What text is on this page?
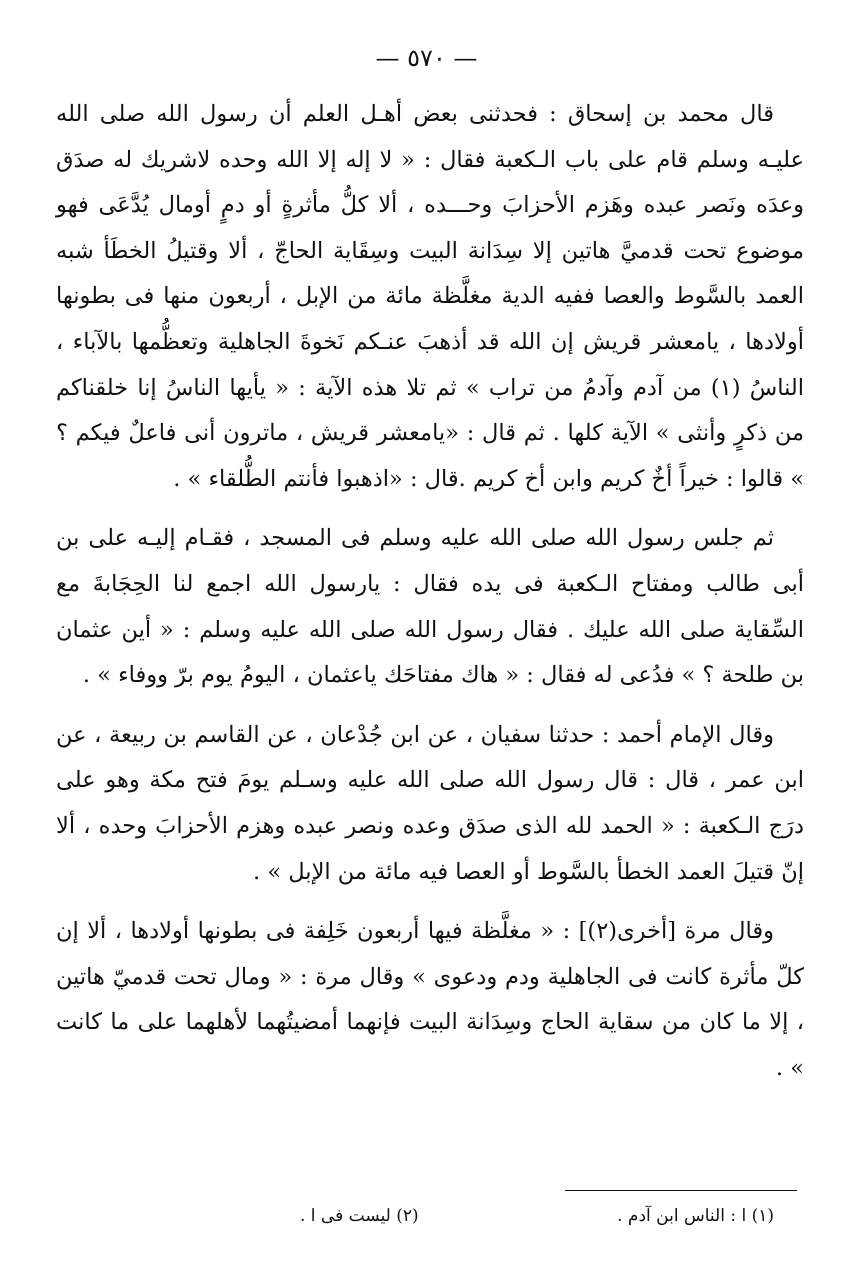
— ٥٧٠ —

قال محمد بن إسحاق : فحدثنى بعض أهـل العلم أن رسول الله صلى الله عليـه وسلم قام على باب الـكعبة فقال : « لا إله إلا الله وحده لاشريك له صدَق وعدَه ونَصر عبده وهَزم الأحزابَ وحـــده ، ألا كلُّ مأثرةٍ أو دمٍ أومال يُدَّعَى فهو موضوع تحت قدميَّ هاتين إلا سِدَانة البيت وسِقَاية الحاجّ ، ألا وقتيلُ الخطَأ شبه العمد بالسَّوط والعصا ففيه الدية مغلَّظة مائة من الإبل ، أربعون منها فى بطونها أولادها ، يامعشر قريش إن الله قد أذهبَ عنـكم نَخوةَ الجاهلية وتعظُّمها بالآباء ، الناسُ (١) من آدم وآدمُ من تراب » ثم تلا هذه الآية : « يأيها الناسُ إنا خلقناكم من ذكرٍ وأنثى » الآية كلها . ثم قال : «يامعشر قريش ، ماترون أنى فاعلٌ فيكم ؟ » قالوا : خيراً أخٌ كريم وابن أخ كريم .قال : «اذهبوا فأنتم الطُّلقاء » .

ثم جلس رسول الله صلى الله عليه وسلم فى المسجد ، فقـام إليـه على بن أبى طالب ومفتاح الـكعبة فى يده فقال : يارسول الله اجمع لنا الحِجَابةَ مع السِّقاية صلى الله عليك . فقال رسول الله صلى الله عليه وسلم : « أين عثمان بن طلحة ؟ » فدُعى له فقال : « هاك مفتاحَك ياعثمان ، اليومُ يوم برّ ووفاء » .

وقال الإمام أحمد : حدثنا سفيان ، عن ابن جُدْعان ، عن القاسم بن ربيعة ، عن ابن عمر ، قال : قال رسول الله صلى الله عليه وسـلم يومَ فتح مكة وهو على درَج الـكعبة : « الحمد لله الذى صدَق وعده ونصر عبده وهزم الأحزابَ وحده ، ألا إنّ قتيلَ العمد الخطأ بالسَّوط أو العصا فيه مائة من الإبل » .

وقال مرة [أخرى(٢)] : « مغلَّظة فيها أربعون خَلِفة فى بطونها أولادها ، ألا إن كلّ مأثرة كانت فى الجاهلية ودم ودعوى » وقال مرة : « ومال تحت قدميّ هاتين ، إلا ما كان من سقاية الحاج وسِدَانة البيت فإنهما أمضيتُهما لأهلهما على ما كانت » .

(١) ا : الناس ابن آدم .
(٢) ليست فى ا .
